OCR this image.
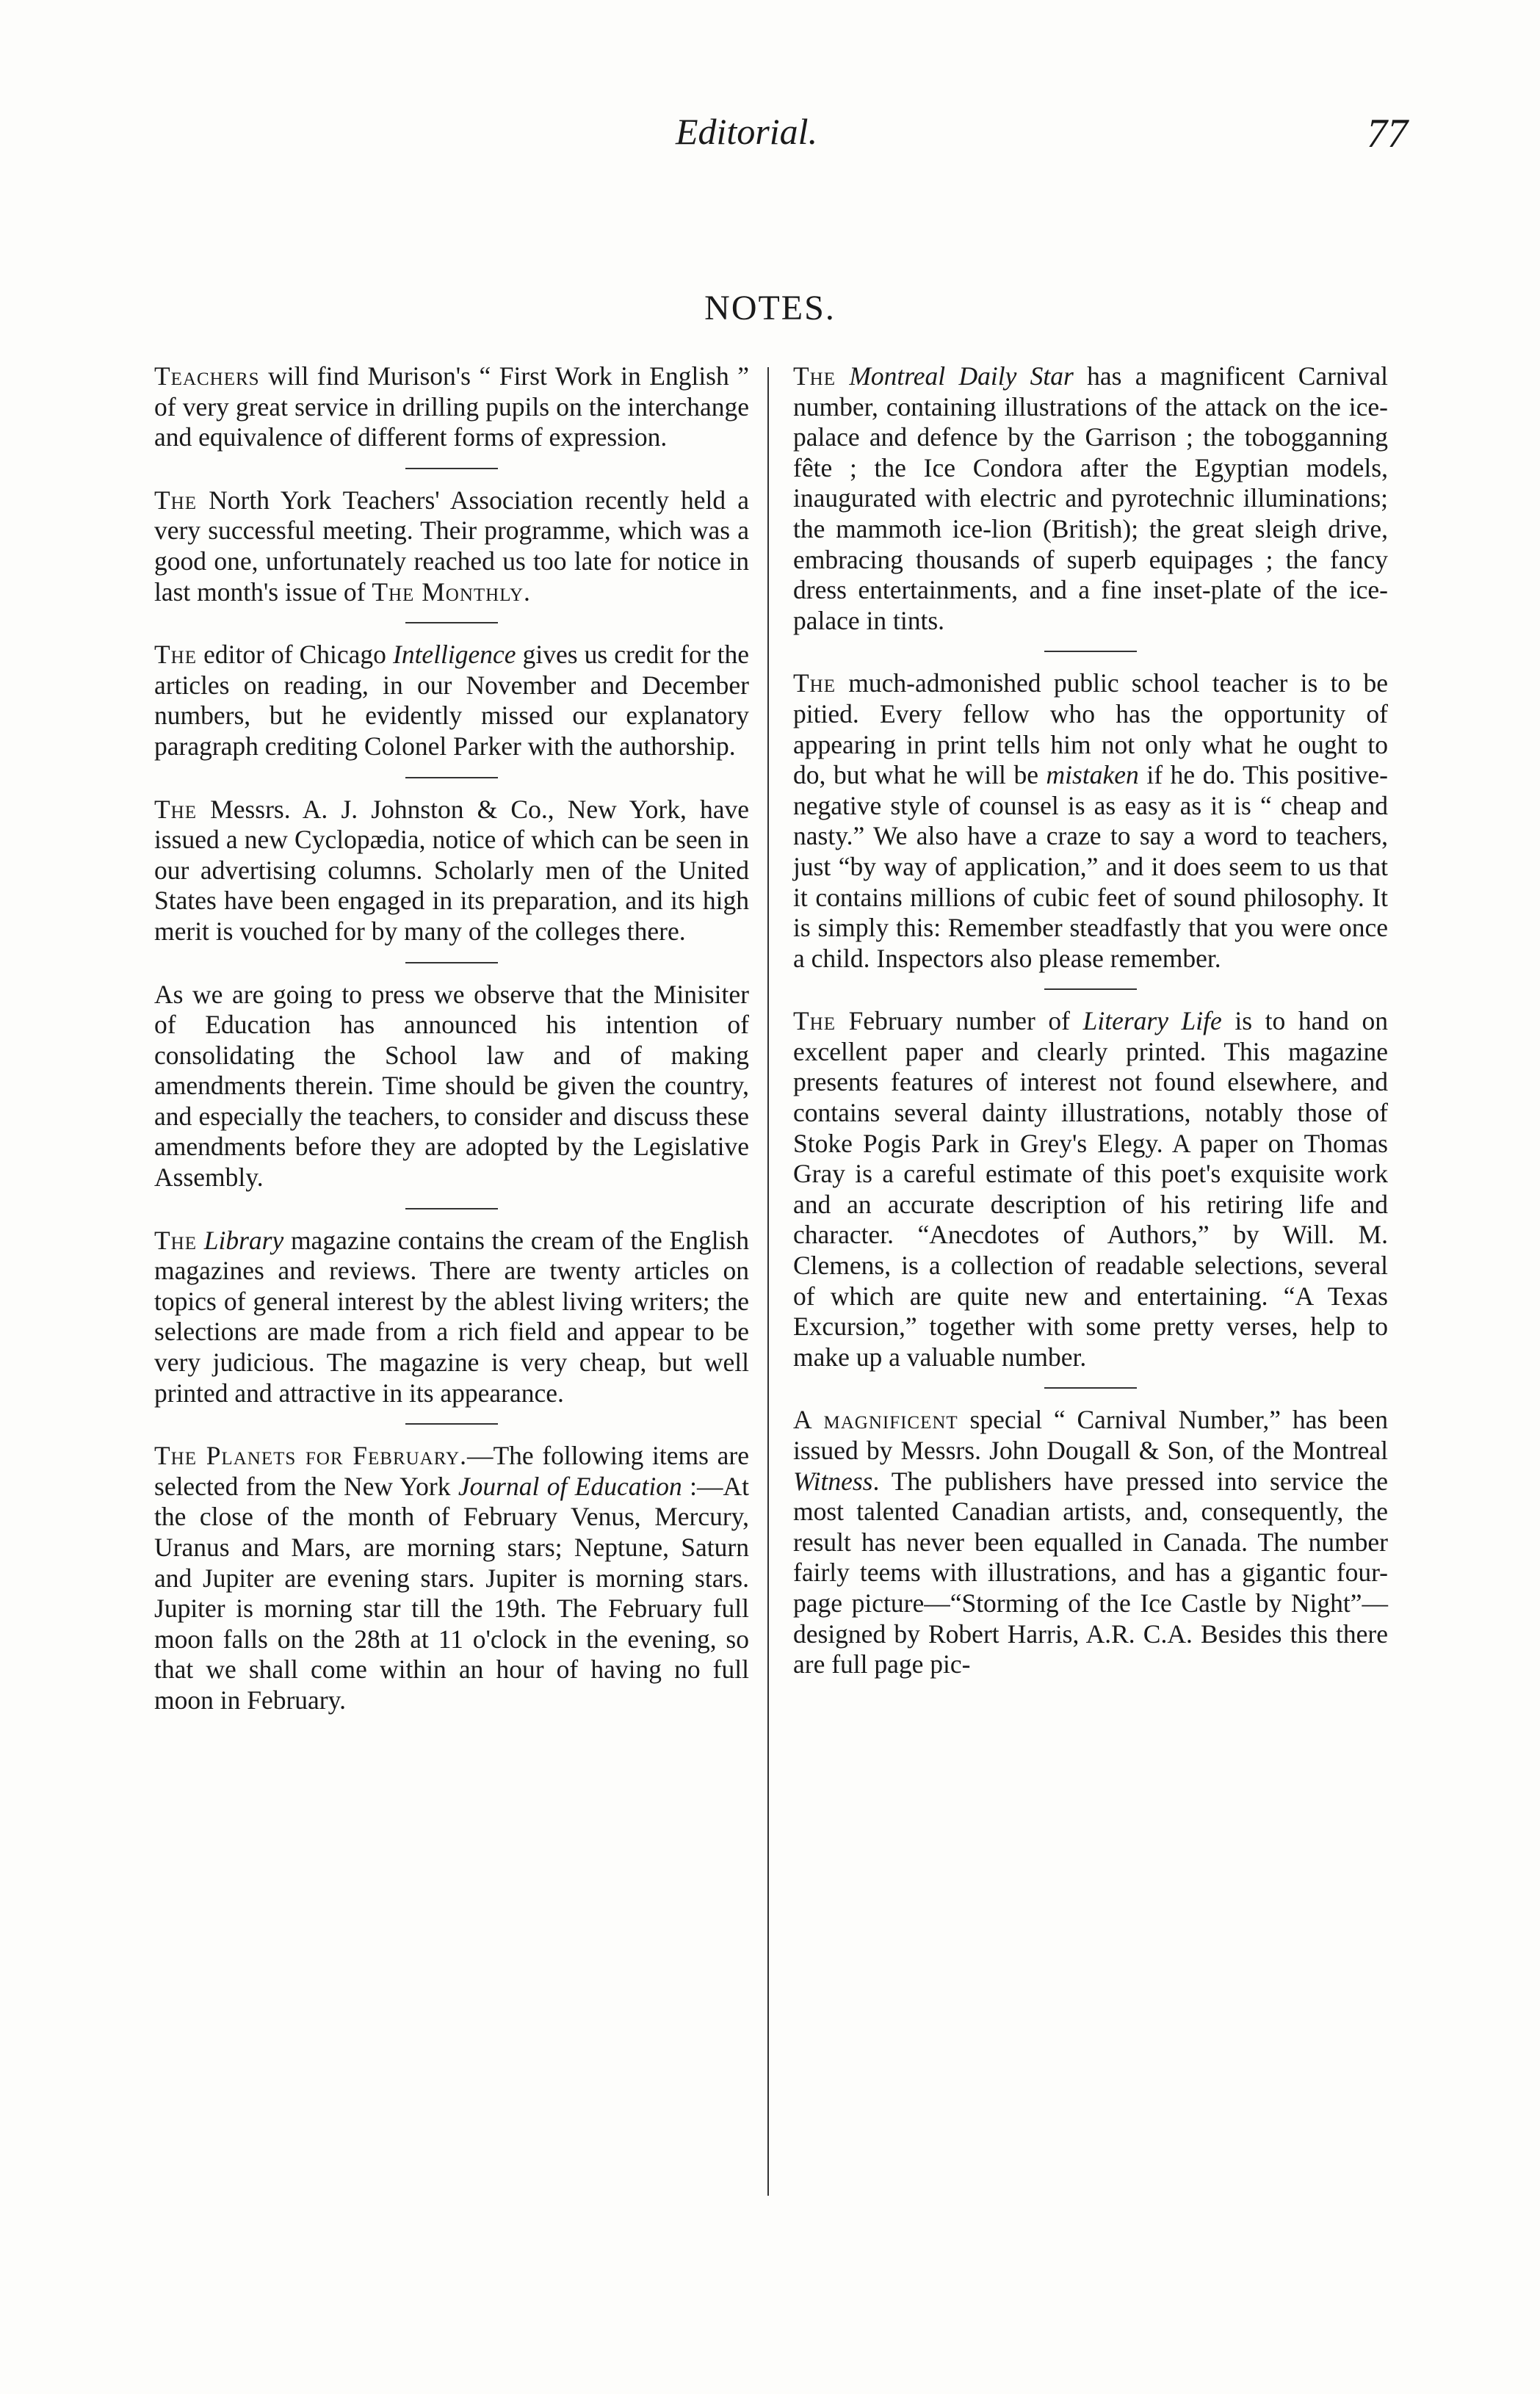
Editorial.	77
NOTES.

Teachers will find Murison's “ First Work in English ” of very great service in drilling pupils on the interchange and equivalence of different forms of expression.

The North York Teachers' Association recently held a very successful meeting. Their programme, which was a good one, unfortunately reached us too late for notice in last month's issue of The Monthly.

The editor of Chicago Intelligence gives us credit for the articles on reading, in our November and December numbers, but he evidently missed our explanatory paragraph crediting Colonel Parker with the authorship.

The Messrs. A. J. Johnston & Co., New York, have issued a new Cyclopædia, notice of which can be seen in our advertising columns. Scholarly men of the United States have been engaged in its preparation, and its high merit is vouched for by many of the colleges there.

As we are going to press we observe that the Minisiter of Education has announced his intention of consolidating the School law and of making amendments therein. Time should be given the country, and especially the teachers, to consider and discuss these amendments before they are adopted by the Legislative Assembly.

The Library magazine contains the cream of the English magazines and reviews. There are twenty articles on topics of general interest by the ablest living writers; the selections are made from a rich field and appear to be very judicious. The magazine is very cheap, but well printed and attractive in its appearance.

The Planets for February.—The following items are selected from the New York Journal of Education :—At the close of the month of February Venus, Mercury, Uranus and Mars, are morning stars; Neptune, Saturn and Jupiter are evening stars. Jupiter is morning stars. Jupiter is morning star till the 19th. The February full moon falls on the 28th at 11 o'clock in the evening, so that we shall come within an hour of having no full moon in February.

The Montreal Daily Star has a magnificent Carnival number, containing illustrations of the attack on the ice-palace and defence by the Garrison ; the tobogganning fête ; the Ice Condora after the Egyptian models, inaugurated with electric and pyrotechnic illuminations; the mammoth ice-lion (British); the great sleigh drive, embracing thousands of superb equipages ; the fancy dress entertainments, and a fine inset-plate of the ice-palace in tints.

The much-admonished public school teacher is to be pitied. Every fellow who has the opportunity of appearing in print tells him not only what he ought to do, but what he will be mistaken if he do. This positive-negative style of counsel is as easy as it is “ cheap and nasty.” We also have a craze to say a word to teachers, just “by way of application,” and it does seem to us that it contains millions of cubic feet of sound philosophy. It is simply this: Remember steadfastly that you were once a child. Inspectors also please remember.

The February number of Literary Life is to hand on excellent paper and clearly printed. This magazine presents features of interest not found elsewhere, and contains several dainty illustrations, notably those of Stoke Pogis Park in Grey's Elegy. A paper on Thomas Gray is a careful estimate of this poet's exquisite work and an accurate description of his retiring life and character. “Anecdotes of Authors,” by Will. M. Clemens, is a collection of readable selections, several of which are quite new and entertaining. “A Texas Excursion,” together with some pretty verses, help to make up a valuable number.

A magnificent special “ Carnival Number,” has been issued by Messrs. John Dougall & Son, of the Montreal Witness. The publishers have pressed into service the most talented Canadian artists, and, consequently, the result has never been equalled in Canada. The number fairly teems with illustrations, and has a gigantic four-page picture—“Storming of the Ice Castle by Night”—designed by Robert Harris, A.R. C.A. Besides this there are full page pic-
